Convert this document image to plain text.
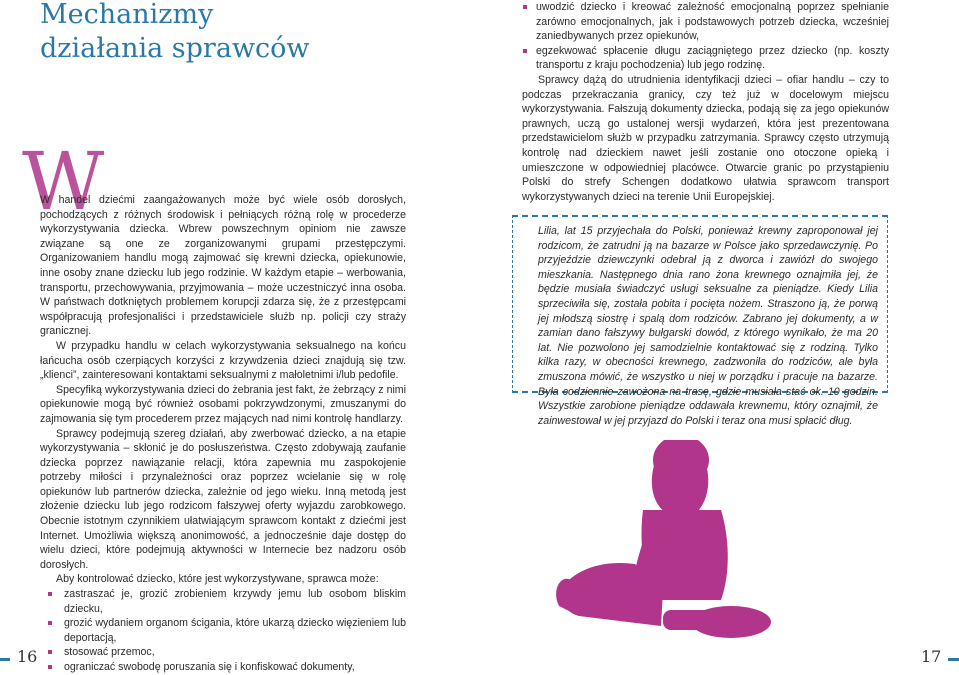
Mechanizmy
działania sprawców
W

W handel dziećmi zaangażowanych może być wiele osób dorosłych, pochodzących z różnych środowisk i pełniących różną rolę w procederze wykorzystywania dziecka. Wbrew powszechnym opiniom nie zawsze związane są one ze zorganizowanymi grupami przestępczymi. Organizowaniem handlu mogą zajmować się krewni dziecka, opiekunowie, inne osoby znane dziecku lub jego rodzinie. W każdym etapie – werbowania, transportu, przechowywania, przyjmowania – może uczestniczyć inna osoba. W państwach dotkniętych problemem korupcji zdarza się, że z przestępcami współpracują profesjonaliści i przedstawiciele służb np. policji czy straży granicznej.

W przypadku handlu w celach wykorzystywania seksualnego na końcu łańcucha osób czerpiących korzyści z krzywdzenia dzieci znajdują się tzw. „klienci”, zainteresowani kontaktami seksualnymi z małoletnimi i/lub pedofile.

Specyfiką wykorzystywania dzieci do żebrania jest fakt, że żebrzący z nimi opiekunowie mogą być również osobami pokrzywdzonymi, zmuszanymi do zajmowania się tym procederem przez mających nad nimi kontrolę handlarzy.

Sprawcy podejmują szereg działań, aby zwerbować dziecko, a na etapie wykorzystywania – skłonić je do posłuszeństwa. Często zdobywają zaufanie dziecka poprzez nawiązanie relacji, która zapewnia mu zaspokojenie potrzeby miłości i przynależności oraz poprzez wcielanie się w rolę opiekunów lub partnerów dziecka, zależnie od jego wieku. Inną metodą jest złożenie dziecku lub jego rodzicom fałszywej oferty wyjazdu zarobkowego. Obecnie istotnym czynnikiem ułatwiającym sprawcom kontakt z dziećmi jest Internet. Umożliwia większą anonimowość, a jednocześnie daje dostęp do wielu dzieci, które podejmują aktywności w Internecie bez nadzoru osób dorosłych.

Aby kontrolować dziecko, które jest wykorzystywane, sprawca może:

zastraszać je, grozić zrobieniem krzywdy jemu lub osobom bliskim dziecku,
grozić wydaniem organom ścigania, które ukarzą dziecko więzieniem lub deportacją,
stosować przemoc,
ograniczać swobodę poruszania się i konfiskować dokumenty,
uwodzić dziecko i kreować zależność emocjonalną poprzez spełnianie zarówno emocjonalnych, jak i podstawowych potrzeb dziecka, wcześniej zaniedbywanych przez opiekunów,
egzekwować spłacenie długu zaciągniętego przez dziecko (np. koszty transportu z kraju pochodzenia) lub jego rodzinę.

Sprawcy dążą do utrudnienia identyfikacji dzieci – ofiar handlu – czy to podczas przekraczania granicy, czy też już w docelowym miejscu wykorzystywania. Fałszują dokumenty dziecka, podają się za jego opiekunów prawnych, uczą go ustalonej wersji wydarzeń, która jest prezentowana przedstawicielom służb w przypadku zatrzymania. Sprawcy często utrzymują kontrolę nad dzieckiem nawet jeśli zostanie ono otoczone opieką i umieszczone w odpowiedniej placówce. Otwarcie granic po przystąpieniu Polski do strefy Schengen dodatkowo ułatwia sprawcom transport wykorzystywanych dzieci na terenie Unii Europejskiej.

Lilia, lat 15 przyjechała do Polski, ponieważ krewny zaproponował jej rodzicom, że zatrudni ją na bazarze w Polsce jako sprzedawczynię. Po przyjeździe dziewczynki odebrał ją z dworca i zawiózł do swojego mieszkania. Następnego dnia rano żona krewnego oznajmiła jej, że będzie musiała świadczyć usługi seksualne za pieniądze. Kiedy Lilia sprzeciwiła się, została pobita i pocięta nożem. Straszono ją, że porwą jej młodszą siostrę i spalą dom rodziców. Zabrano jej dokumenty, a w zamian dano fałszywy bułgarski dowód, z którego wynikało, że ma 20 lat. Nie pozwolono jej samodzielnie kontaktować się z rodziną. Tylko kilka razy, w obecności krewnego, zadzwoniła do rodziców, ale była zmuszona mówić, że wszystko u niej w porządku i pracuje na bazarze. Była codziennie zawożona na trasę, gdzie musiała stać ok. 10 godzin. Wszystkie zarobione pieniądze oddawała krewnemu, który oznajmił, że zainwestował w jej przyjazd do Polski i teraz ona musi spłacić dług.

16	17
